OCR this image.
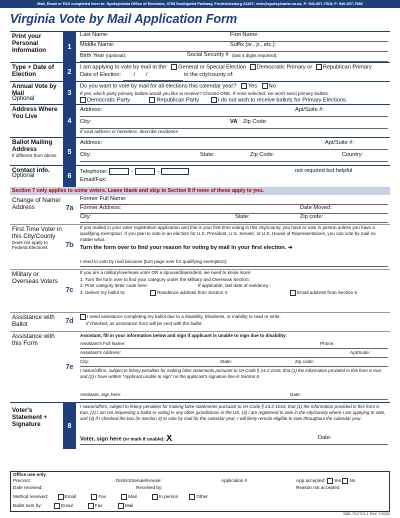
Mail, Email or FAX completed form to: Spotsylvania Office of Elections, 4708 Southpoint Parkway, Fredericksburg 22407; vote@spotsylvania.va.us; P: 540-507-7515; F: 540-507-7580
Virginia Vote by Mail Application Form
Print your Personal Information	1
Last Name:	First Name:
Middle Name:	Suffix (sr., jr., etc.):
Birth Year (optional):	Social Security # (last 4 digits required):
Type + Date of Election	2
I am applying to vote by mail in the: General or Special Election Democratic Primary or Republican Primary
Date of Election:        /       /	in the city/county of:
Annual Vote by Mail
Optional
3
Do you want to vote by mail for all elections this calendar year? Yes No
If yes, which party primary ballots would you like to receive? Choose ONE. If none selected, we won't send primary ballots.
Democratic Party	Republican Party	I do not wish to receive ballots for Primary Elections.
Address Where You Live
4
Address:	Apt/Suite #:
City:	VA Zip Code:
If rural address or homeless, describe residence
Ballot Mailing Address
If different from above	5
Address:	Apt/Suite #:
City:	State:	Zip Code:	Country:
Contact info.
Optional	6
Telephone:	-	-	not required but helpful
Email/Fax:
Section 7 only applies to some voters. Leave blank and skip to Section 8 if none of these apply to you.
Change of Name/ Address	7a
Former Full Name:
Former Address:	Date Moved:
City:	State:	Zip code:
First Time Voter in this City/County
Does not apply to Federal Elections	7b
If you mailed in your voter registration application and this is your first time voting in this city/county, you have to vote in person unless you have a qualifying exemption. If you plan to vote in an election for U.S. President, U.S. Senate, or U.S. House of Representatives, you can vote by mail no matter what.
Turn the form over to find your reason for voting by mail in your first election. ➜
I need to vote by mail because (turn page over for qualifying exemption):
Military or Overseas Voters
7c
If you are a military/overseas voter OR a spouse/dependent, we need to know more:
1. Turn the form over to find your category under the Military and Overseas Section:
2. Print category letter code here:	If applicable, last date of residency:
3. Deliver my ballot to:	Residence address from Section 4	Email address from Section 6
Assistance with Ballot	7d
I need assistance completing my ballot due to a disability, blindness, or inability to read or write.
If checked, an assistance form will be sent with the ballot.
Assistance with this Form
7e
Assistant, fill in your information below and sign if applicant is unable to sign due to disability:
Assistant's Full Name:	Phone:
Assistant's Address:	Apt/Suite:
City:	State:	Zip code:
I swear/affirm, subject to felony penalties for making false statements pursuant to VA Code § 24.2-1016, that (1) the information provided in this form is true, and (2) I have written "Applicant unable to sign" on the applicant's signature line in Section 8.
Assistant, sign here:	Date:
Voter's Statement + Signature	8
I swear/affirm, subject to felony penalties for making false statements pursuant to VA Code § 24.2-1016, that (1) the information provided in this form is true, (2) I am not requesting a ballot or voting in any other jurisdictions in the US, (3) I am registered to vote in the city/county where I am applying to vote, and (4) if I checked the box (in Section 3) to vote by mail for the calendar year, I will likely remain eligible to vote throughout the calendar year.
Voter, sign here (or mark if unable): X	Date:
Office use only
Precinct:	District/Senate/House:	Application #	App accepted: Yes No
Date received:	Received by:	Reason not accepted
Method received:	Email	Fax	Mail	In person	Other
Ballot sent by:	Email	Fax	Mail
SBE-701/701.1 Rev. 7/2020
